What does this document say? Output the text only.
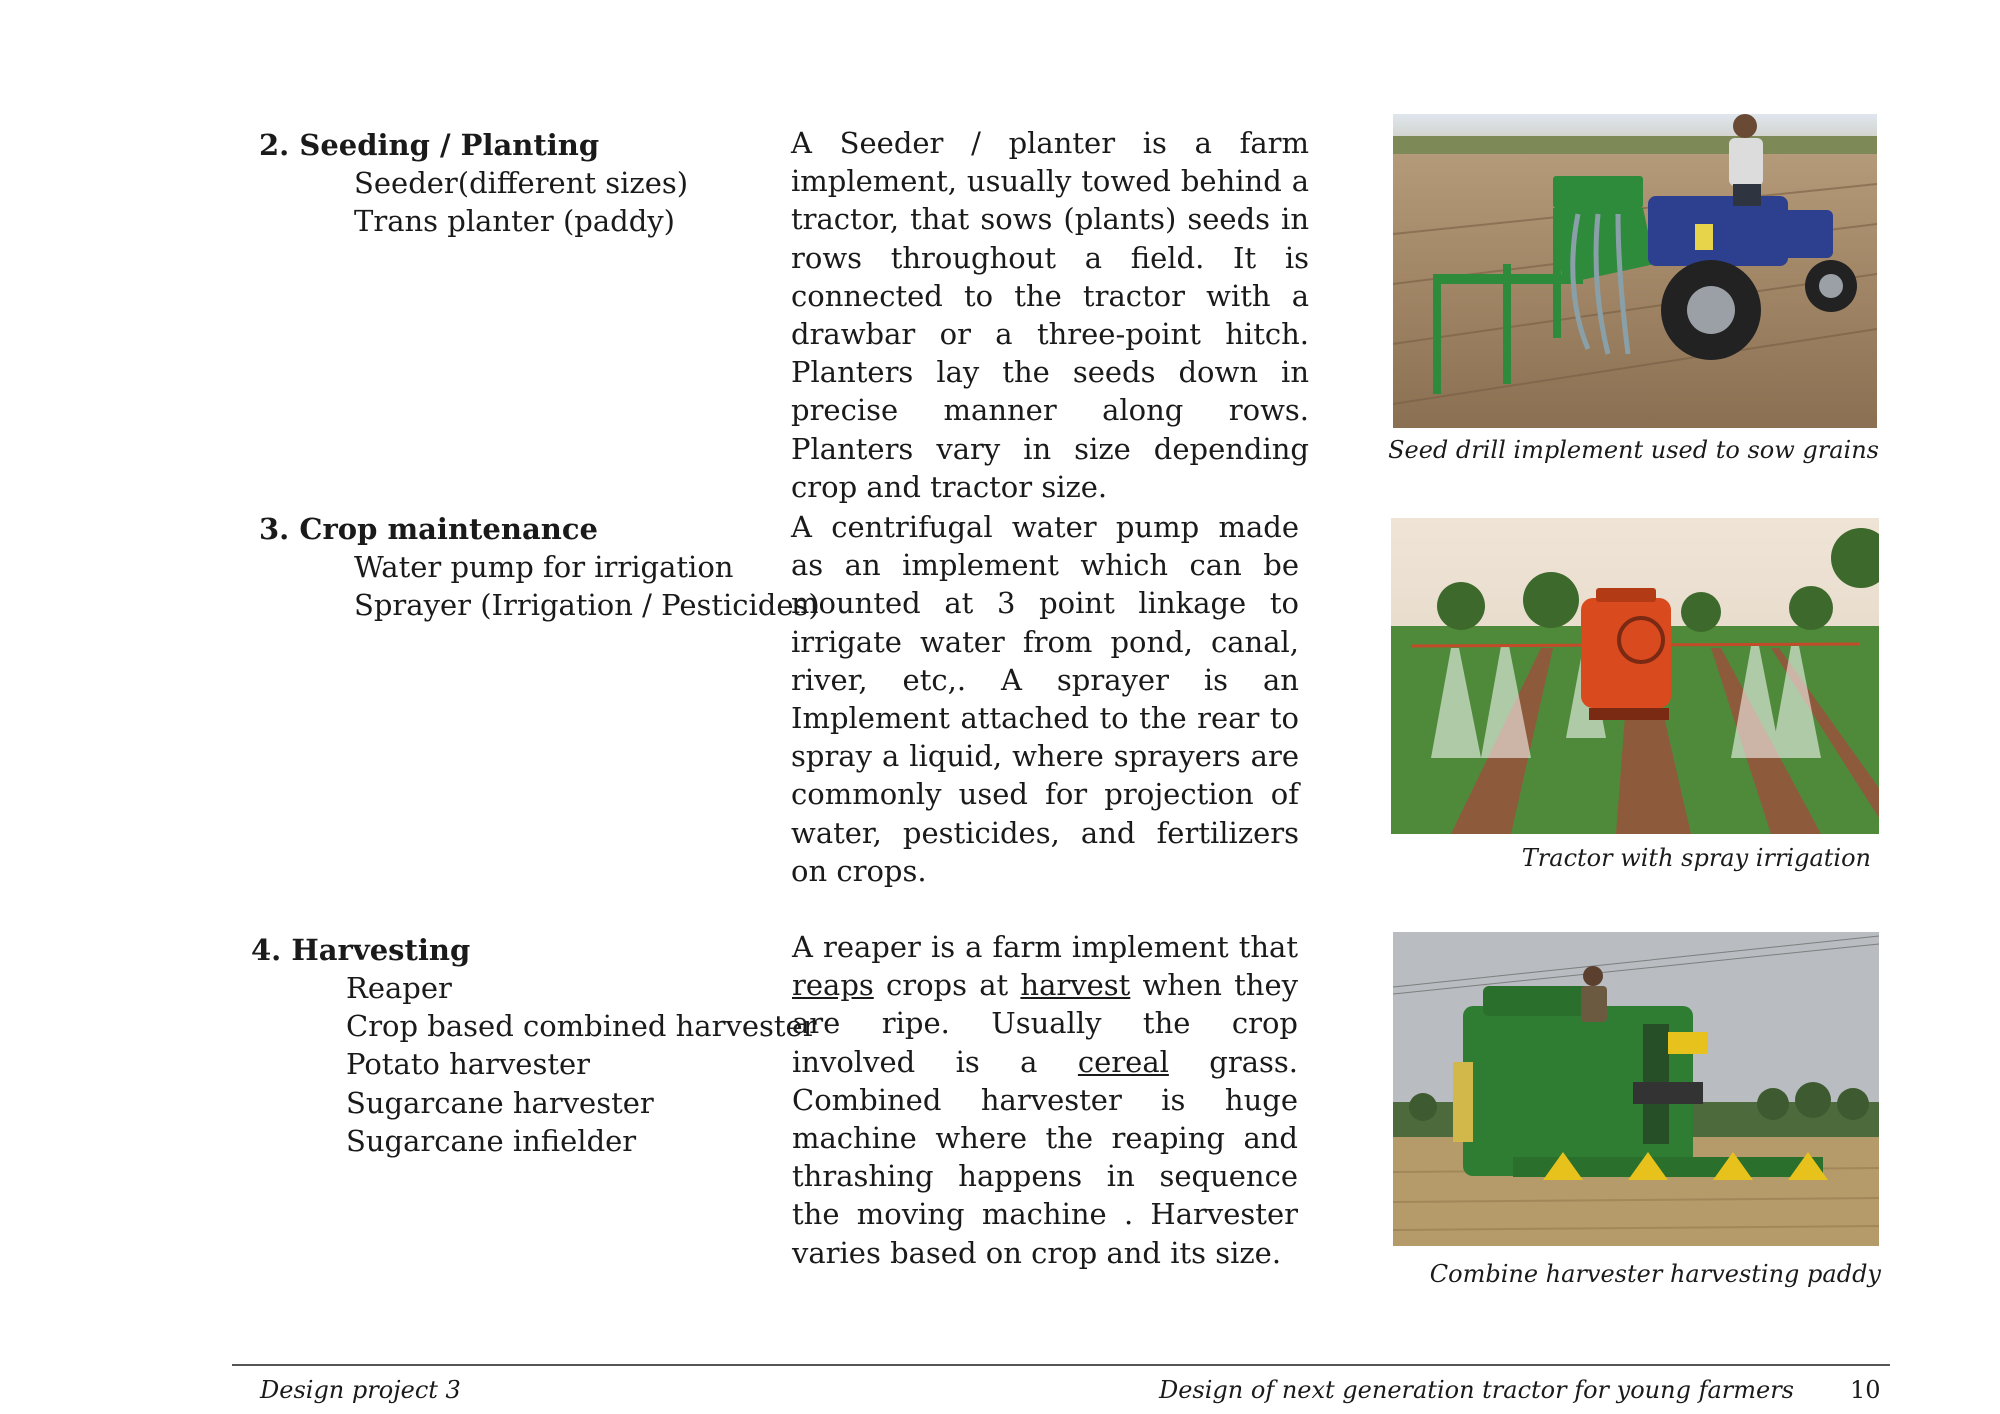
2. Seeding / Planting
Seeder(different sizes)
Trans planter (paddy)
A Seeder / planter is a farm implement, usually towed behind a tractor, that sows (plants) seeds in rows throughout a field. It is connected to the tractor with a drawbar or a three-point hitch. Planters lay the seeds down in precise manner along rows. Planters vary in size depending crop and tractor size.
Seed drill implement used to sow grains
3. Crop maintenance
Water pump for irrigation
Sprayer (Irrigation / Pesticides)
A centrifugal water pump made as an implement which can be mounted at 3 point linkage to irrigate water from pond, canal, river, etc,. A sprayer is an Implement attached to the rear to spray a liquid, where sprayers are commonly used for projection of water, pesticides, and fertilizers on crops.	Tractor with spray irrigation
4. Harvesting
Reaper
Crop based combined harvester
Potato harvester
Sugarcane harvester
Sugarcane infielder
A reaper is a farm implement that reaps crops at harvest when they are ripe. Usually the crop involved is a cereal grass. Combined harvester is huge machine where the reaping and thrashing happens in sequence the moving machine . Harvester varies based on crop and its size.
Combine harvester harvesting paddy
Design project 3	Design of next generation tractor for young farmers 10
